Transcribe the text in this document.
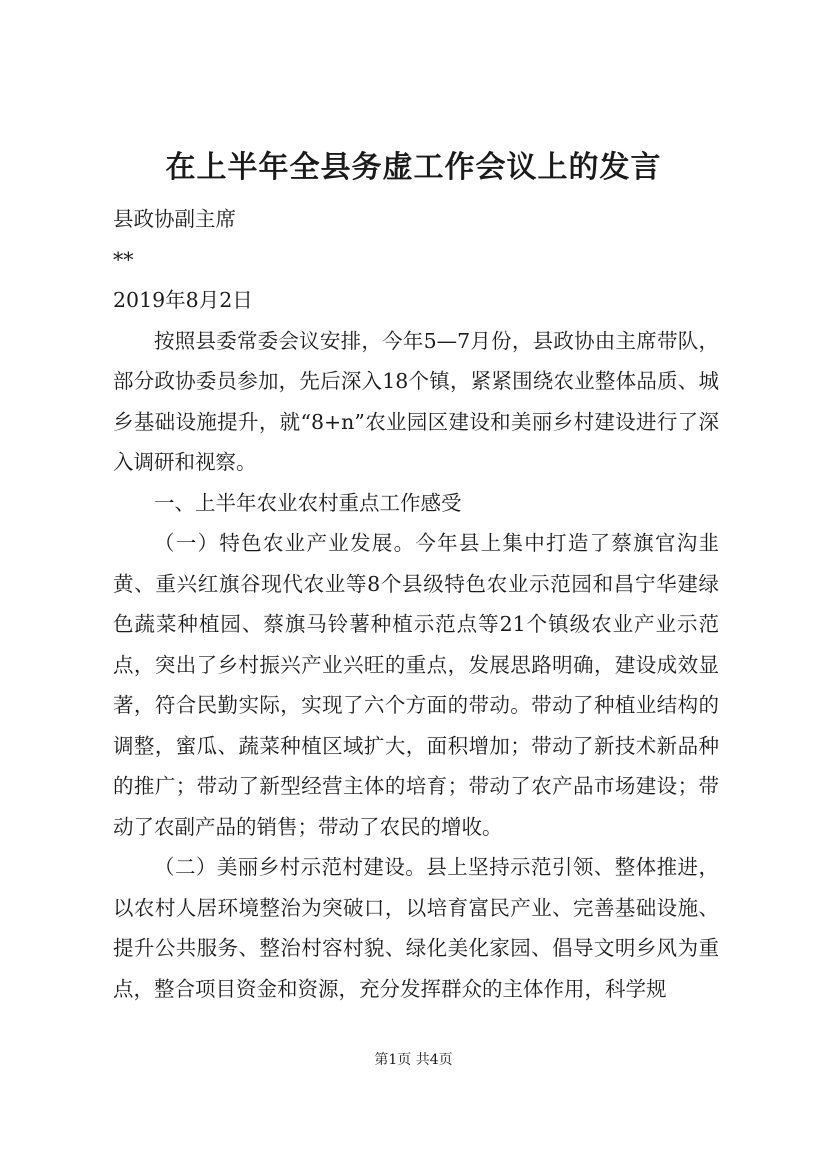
在上半年全县务虚工作会议上的发言

县政协副主席

**

2019年8月2日

按照县委常委会议安排，今年5—7月份，县政协由主席带队，部分政协委员参加，先后深入18个镇，紧紧围绕农业整体品质、城乡基础设施提升，就“8+n”农业园区建设和美丽乡村建设进行了深入调研和视察。

一、上半年农业农村重点工作感受

（一）特色农业产业发展。今年县上集中打造了蔡旗官沟韭黄、重兴红旗谷现代农业等8个县级特色农业示范园和昌宁华建绿色蔬菜种植园、蔡旗马铃薯种植示范点等21个镇级农业产业示范点，突出了乡村振兴产业兴旺的重点，发展思路明确，建设成效显著，符合民勤实际，实现了六个方面的带动。带动了种植业结构的调整，蜜瓜、蔬菜种植区域扩大，面积增加；带动了新技术新品种的推广；带动了新型经营主体的培育；带动了农产品市场建设；带动了农副产品的销售；带动了农民的增收。

（二）美丽乡村示范村建设。县上坚持示范引领、整体推进，以农村人居环境整治为突破口，以培育富民产业、完善基础设施、提升公共服务、整治村容村貌、绿化美化家园、倡导文明乡风为重点，整合项目资金和资源，充分发挥群众的主体作用，科学规

第1页 共4页
